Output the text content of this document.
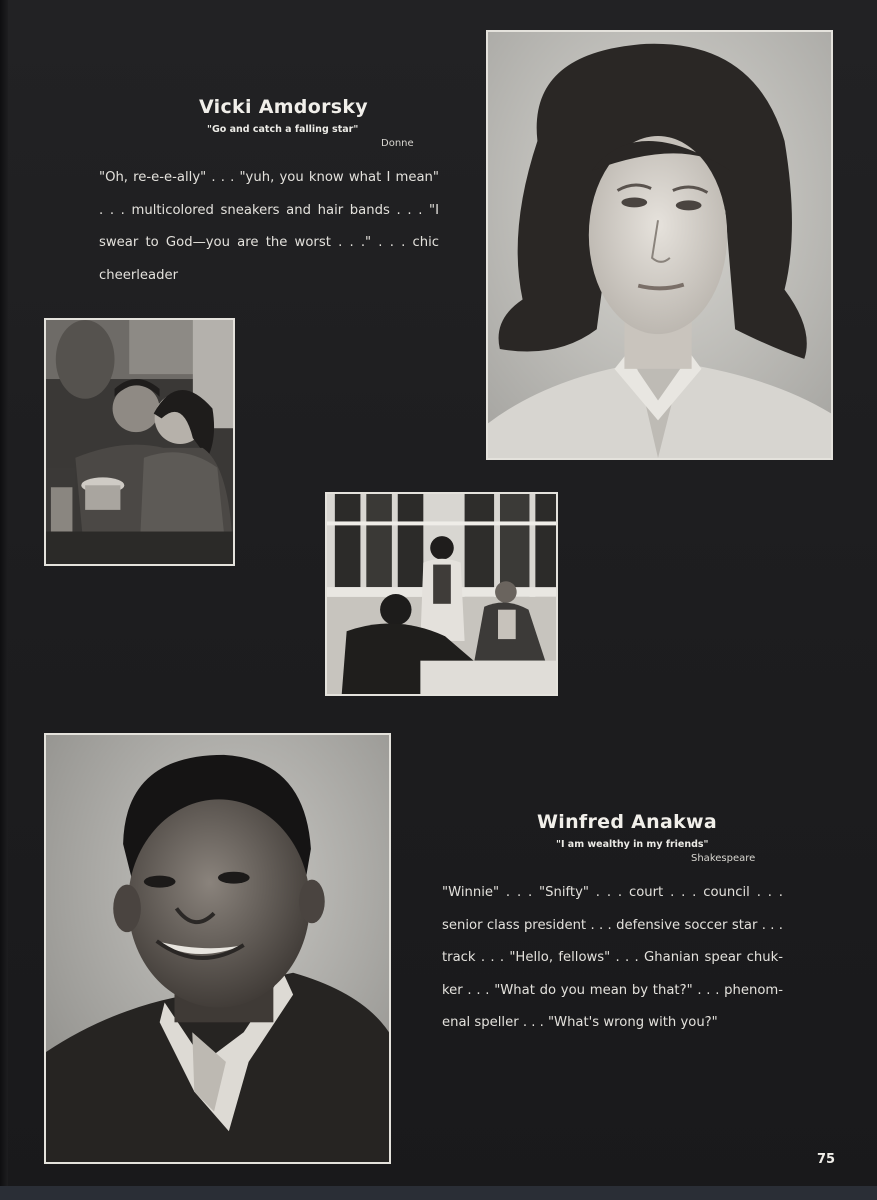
Vicki Amdorsky
"Go and catch a falling star"
Donne
"Oh, re-e-e-ally" . . . "yuh, you know what I mean"
. . . multicolored sneakers and hair bands . . . "I
swear to God—you are the worst . . ." . . . chic
cheerleader
Winfred Anakwa
"I am wealthy in my friends"
Shakespeare
"Winnie" . . . "Snifty" . . . court . . . council . . .
senior class president . . . defensive soccer star . . .
track . . . "Hello, fellows" . . . Ghanian spear chuk-
ker . . . "What do you mean by that?" . . . phenom-
enal speller . . . "What's wrong with you?"
75
